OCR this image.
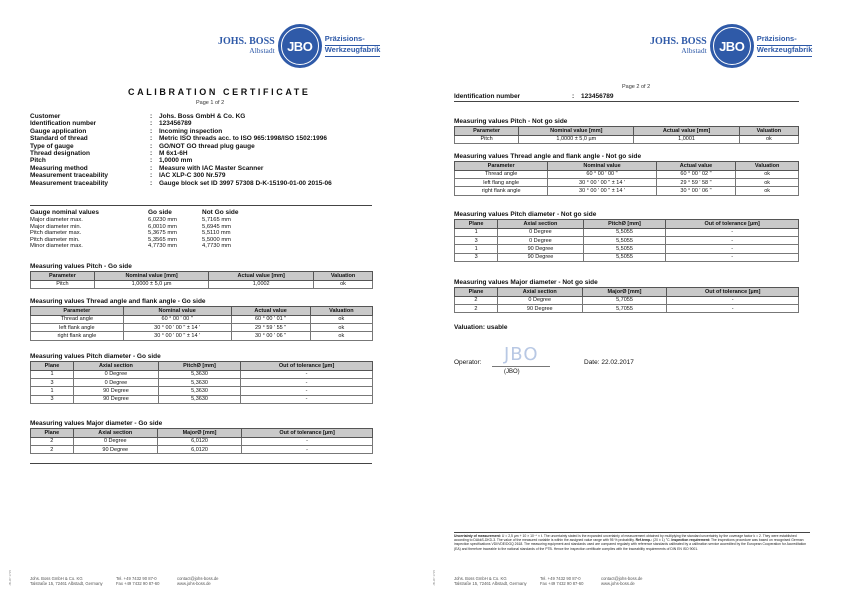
JOHS. BOSS
Albstadt JBO Präzisions-
Werkzeugfabrik
CALIBRATION CERTIFICATE
Page 1 of 2
Customer	:	Johs. Boss GmbH & Co. KG
Identification number	:	123456789
Gauge application	:	Incoming inspection
Standard of thread	:	Metric ISO threads acc. to ISO 965:1998/ISO 1502:1996
Type of gauge	:	GO/NOT GO thread plug gauge
Thread designation	:	M 6x1-6H
Pitch	:	1,0000 mm
Measuring method	:	Measure with IAC Master Scanner
Measurement traceability	:	IAC XLP-C 300 Nr.579
Measurement traceability	:	Gauge block set ID 3997 57308 D-K-15190-01-00 2015-06
Gauge nominal values	Go side	Not Go side
Major diameter max.	6,0230 mm	5,7165 mm
Major diameter min.	6,0010 mm	5,6945 mm
Pitch diameter max.	5,3675 mm	5,5110 mm
Pitch diameter min.	5,3565 mm	5,5000 mm
Minor diameter max.	4,7730 mm	4,7730 mm
Measuring values Pitch - Go side
Parameter	Nominal value [mm]	Actual value [mm]	Valuation
Pitch	1,0000 ± 5,0 µm	1,0002	ok
Measuring values Thread angle and flank angle - Go side
Parameter	Nominal value	Actual value	Valuation
Thread angle	60 ° 00 ' 00 "	60 ° 00 ' 01 "	ok
left flank angle	30 ° 00 ' 00 " ± 14 '	29 ° 59 ' 55 "	ok
right flank angle	30 ° 00 ' 00 " ± 14 '	30 ° 00 ' 06 "	ok
Measuring values Pitch diameter - Go side
Plane	Axial section	PitchØ [mm]	Out of tolerance [µm]
1	0 Degree	5,3630	-
3	0 Degree	5,3630	-
1	90 Degree	5,3630	-
3	90 Degree	5,3630	-
Measuring values Major diameter - Go side
Plane	Axial section	MajorØ [mm]	Out of tolerance [µm]
2	0 Degree	6,0120	-
2	90 Degree	6,0120	-
Johs. Boss GmbH & Co. KG
Talstraße 15, 72461 Albstadt, Germany
Tel. +49 7432 90 87-0
Fax +49 7432 90 87-60
contact@johs-boss.de
www.johs-boss.de
JB-ZP 1715
JOHS. BOSS
Albstadt JBO Präzisions-
Werkzeugfabrik
Page 2 of 2
Identification number	:	123456789
Measuring values Pitch - Not go side
Parameter	Nominal value [mm]	Actual value [mm]	Valuation
Pitch	1,0000 ± 5,0 µm	1,0001	ok
Measuring values Thread angle and flank angle - Not go side
Parameter	Nominal value	Actual value	Valuation
Thread angle	60 ° 00 ' 00 "	60 ° 00 ' 02 "	ok
left flang angle	30 ° 00 ' 00 " ± 14 '	29 ° 59 ' 58 "	ok
right flank angle	30 ° 00 ' 00 " ± 14 '	30 ° 00 ' 06 "	ok
Measuring values Pitch diameter - Not go side
Plane	Axial section	PitchØ [mm]	Out of tolerance [µm]
1	0 Degree	5,5055	-
3	0 Degree	5,5055	-
1	90 Degree	5,5055	-
3	90 Degree	5,5055	-
Measuring values Major diameter - Not go side
Plane	Axial section	MajorØ [mm]	Out of tolerance [µm]
2	0 Degree	5,7055	-
2	90 Degree	5,7055	-
Valuation: usable
Operator: JBO
(JBO)
Date: 22.02.2017
Uncertainty of measurement: U = 2,5 µm + 10 × 10⁻⁶ × ℓ. The uncertainty stated is the expanded uncertainty of measurement obtained by multiplying the standard uncertainty by the coverage factor k = 2. They were established according to DAkkS-DKD-3. The value of the measured variable is within the assigned value range with 95 % probability. Ref.temp.: (20 ± 1) °C. Inspection requirement: The inspections procedure was based on recognised German inspection specifications VDI/VDE/DGQ 2618. The measuring equipment and standards used are compared regularly with reference standards calibrated by a calibration service accredited by the European Cooperation for Accreditation (EA) and therefore traceable to the national standards of the PTB. Hence the inspection certificate complies with the traceability requirements of DIN EN ISO 9001.
Johs. Boss GmbH & Co. KG
Talstraße 15, 72461 Albstadt, Germany
Tel. +49 7432 90 87-0
Fax +49 7432 90 87-60
contact@johs-boss.de
www.johs-boss.de
JB-ZP 1715
